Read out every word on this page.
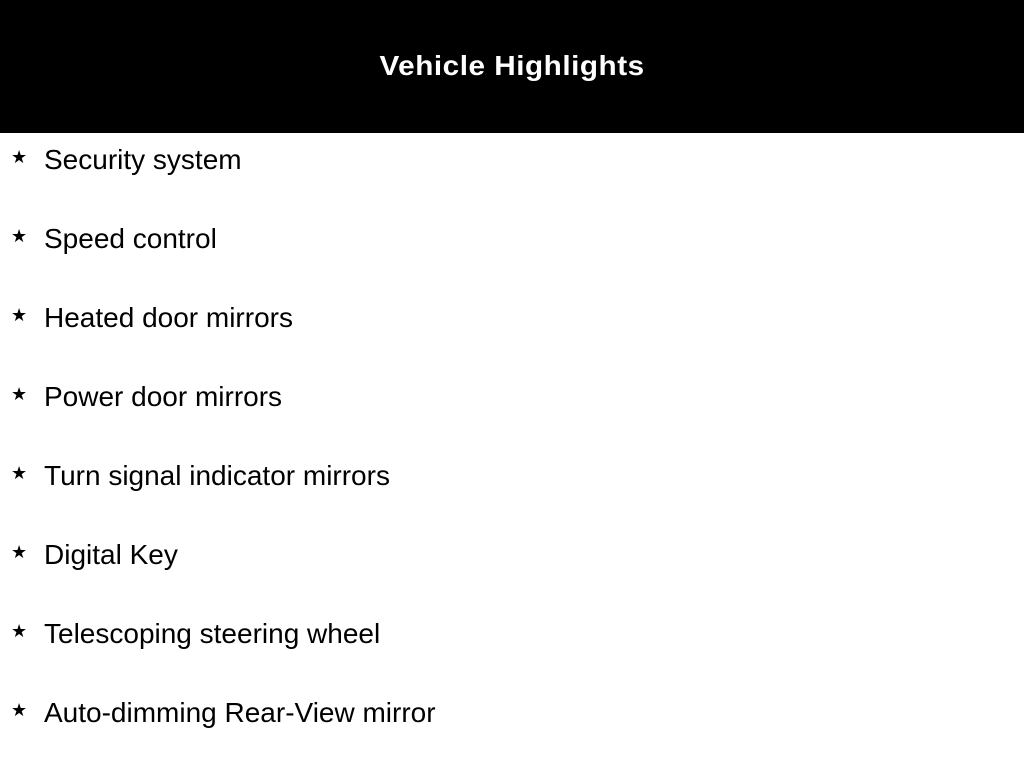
Vehicle Highlights
★ Security system
★ Speed control
★ Heated door mirrors
★ Power door mirrors
★ Turn signal indicator mirrors
★ Digital Key
★ Telescoping steering wheel
★ Auto-dimming Rear-View mirror
